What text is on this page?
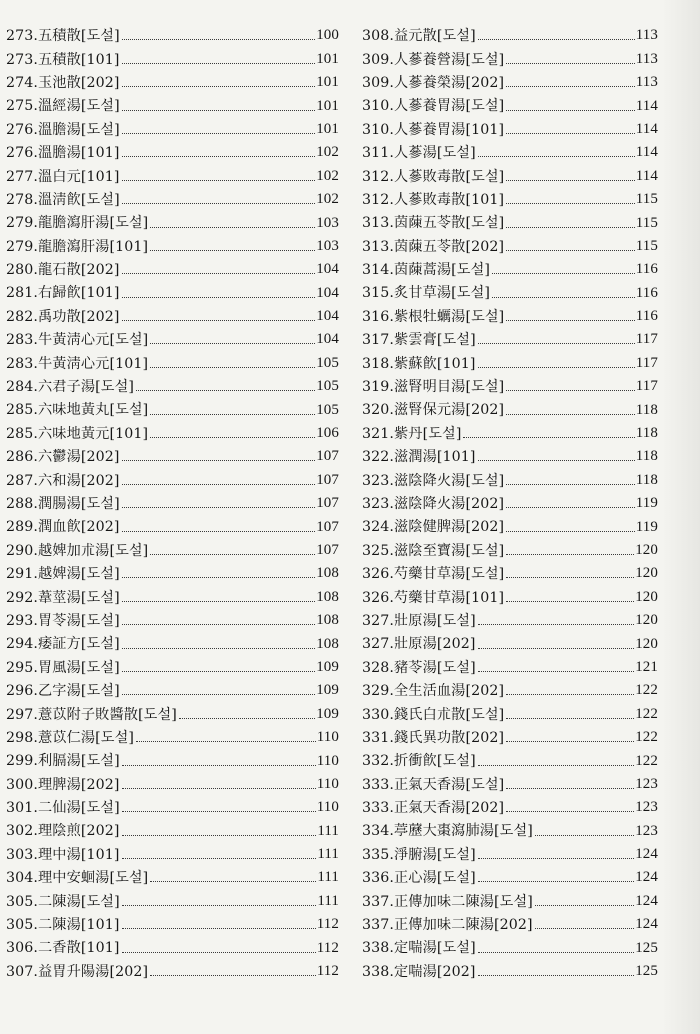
273. 五積散[도설]	100
273. 五積散[101]	101
274. 玉池散[202]	101
275. 溫經湯[도설]	101
276. 溫膽湯[도설]	101
276. 溫膽湯[101]	102
277. 溫白元[101]	102
278. 溫淸飮[도설]	102
279. 龍膽瀉肝湯[도설]	103
279. 龍膽瀉肝湯[101]	103
280. 龍石散[202]	104
281. 右歸飮[101]	104
282. 禹功散[202]	104
283. 牛黃淸心元[도설]	104
283. 牛黃淸心元[101]	105
284. 六君子湯[도설]	105
285. 六味地黃丸[도설]	105
285. 六味地黃元[101]	106
286. 六鬱湯[202]	107
287. 六和湯[202]	107
288. 潤腸湯[도설]	107
289. 潤血飮[202]	107
290. 越婢加朮湯[도설]	107
291. 越婢湯[도설]	108
292. 葦莖湯[도설]	108
293. 胃苓湯[도설]	108
294. 痿証方[도설]	108
295. 胃風湯[도설]	109
296. 乙字湯[도설]	109
297. 薏苡附子敗醬散[도설]	109
298. 薏苡仁湯[도설]	110
299. 利膈湯[도설]	110
300. 理脾湯[202]	110
301. 二仙湯[도설]	110
302. 理陰煎[202]	111
303. 理中湯[101]	111
304. 理中安蛔湯[도설]	111
305. 二陳湯[도설]	111
305. 二陳湯[101]	112
306. 二香散[101]	112
307. 益胃升陽湯[202]	112
308. 益元散[도설]	113
309. 人蔘養營湯[도설]	113
309. 人蔘養榮湯[202]	113
310. 人蔘養胃湯[도설]	114
310. 人蔘養胃湯[101]	114
311. 人蔘湯[도설]	114
312. 人蔘敗毒散[도설]	114
312. 人蔘敗毒散[101]	115
313. 茵蔯五苓散[도설]	115
313. 茵蔯五苓散[202]	115
314. 茵蔯蒿湯[도설]	116
315. 炙甘草湯[도설]	116
316. 紫根牡蠣湯[도설]	116
317. 紫雲膏[도설]	117
318. 紫蘇飮[101]	117
319. 滋腎明目湯[도설]	117
320. 滋腎保元湯[202]	118
321. 紫丹[도설]	118
322. 滋潤湯[101]	118
323. 滋陰降火湯[도설]	118
323. 滋陰降火湯[202]	119
324. 滋陰健脾湯[202]	119
325. 滋陰至寶湯[도설]	120
326. 芍藥甘草湯[도설]	120
326. 芍藥甘草湯[101]	120
327. 壯原湯[도설]	120
327. 壯原湯[202]	120
328. 豬苓湯[도설]	121
329. 全生活血湯[202]	122
330. 錢氏白朮散[도설]	122
331. 錢氏異功散[202]	122
332. 折衝飮[도설]	122
333. 正氣天香湯[도설]	123
333. 正氣天香湯[202]	123
334. 葶藶大棗瀉肺湯[도설]	123
335. 淨腑湯[도설]	124
336. 正心湯[도설]	124
337. 正傳加味二陳湯[도설]	124
337. 正傳加味二陳湯[202]	124
338. 定喘湯[도설]	125
338. 定喘湯[202]	125
